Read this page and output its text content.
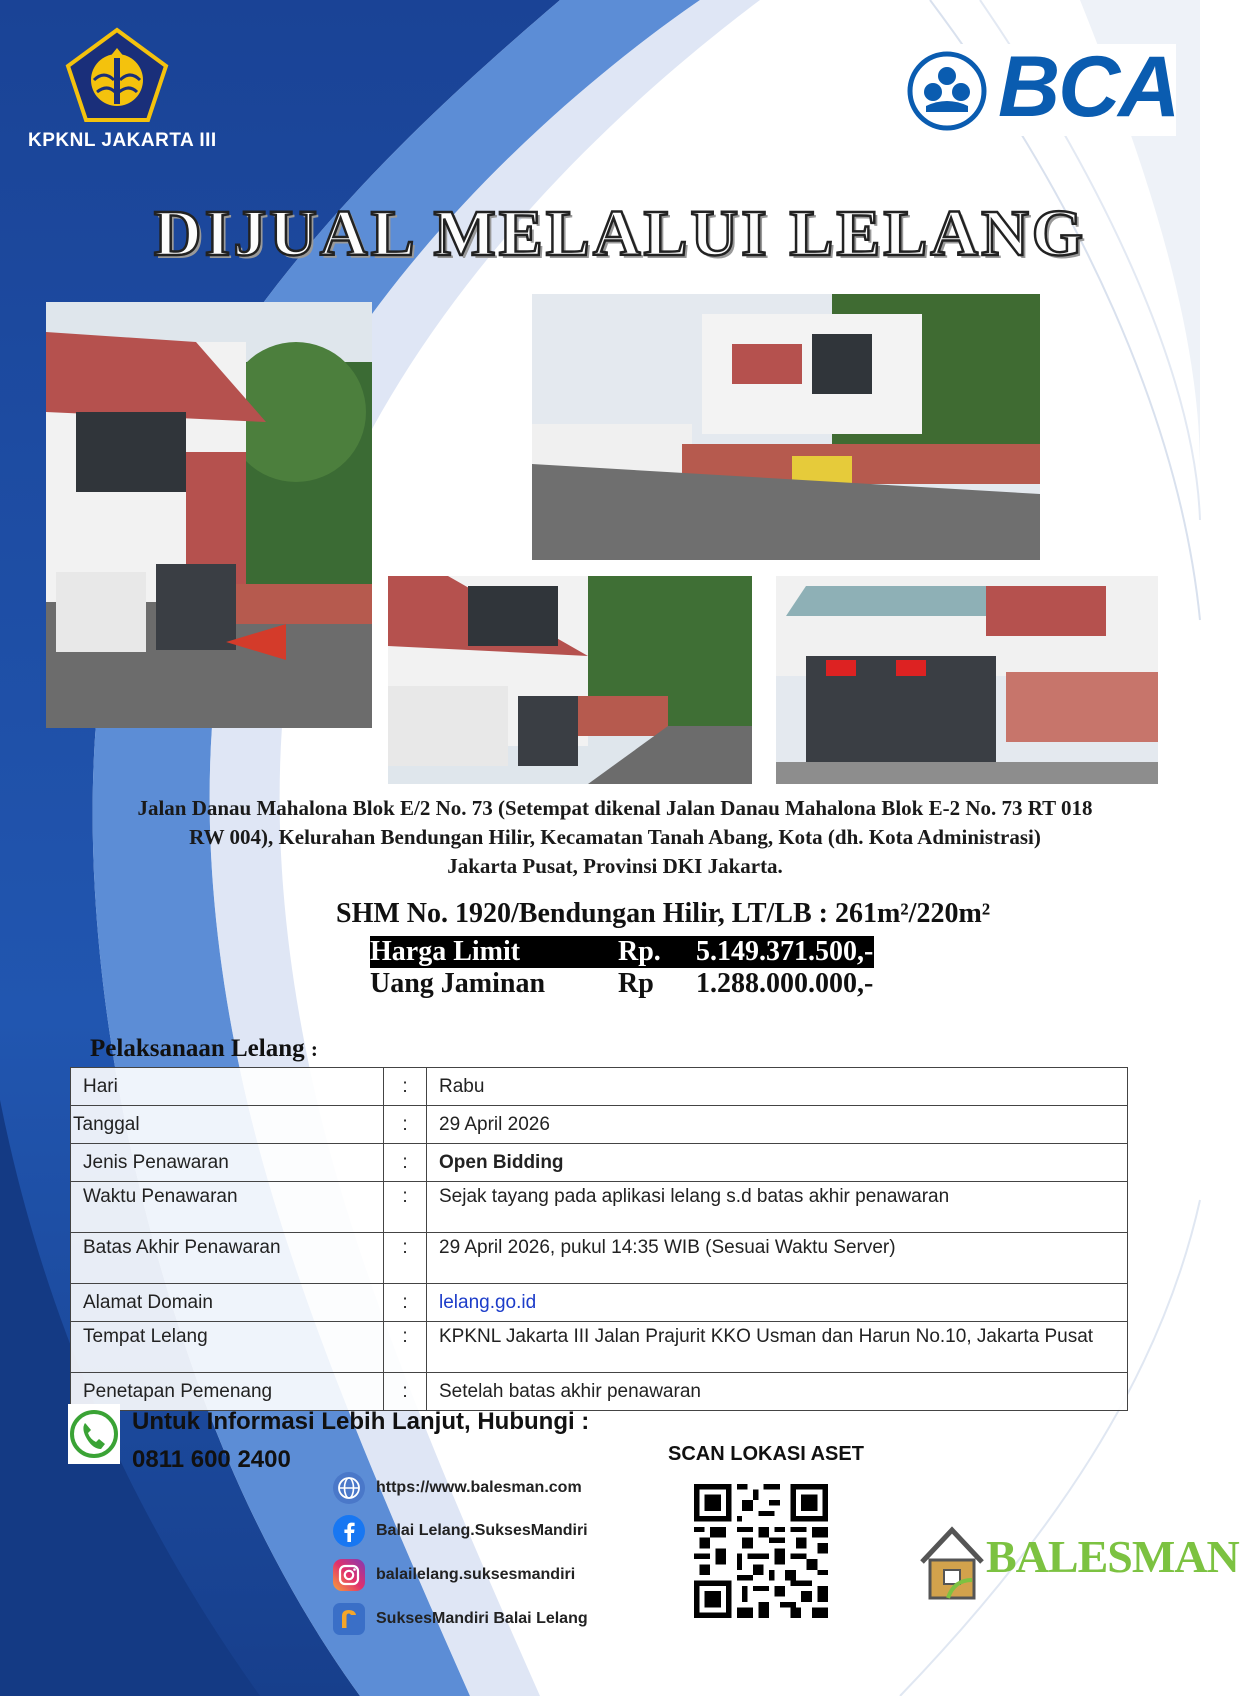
KPKNL JAKARTA III
BCA
DIJUAL MELALUI LELANG
Jalan Danau Mahalona Blok E/2 No. 73 (Setempat dikenal Jalan Danau Mahalona Blok E-2 No. 73 RT 018
RW 004), Kelurahan Bendungan Hilir, Kecamatan Tanah Abang, Kota (dh. Kota Administrasi)
Jakarta Pusat, Provinsi DKI Jakarta.
SHM No. 1920/Bendungan Hilir, LT/LB : 261m²/220m²
Harga Limit	Rp.	5.149.371.500,-
Uang Jaminan	Rp	1.288.000.000,-
Pelaksanaan Lelang :
Hari	:	Rabu
Tanggal	:	29 April 2026
Jenis Penawaran	:	Open Bidding
Waktu Penawaran	:	Sejak tayang pada aplikasi lelang s.d batas akhir penawaran
Batas Akhir Penawaran	:	29 April 2026, pukul 14:35 WIB (Sesuai Waktu Server)
Alamat Domain	:	lelang.go.id
Tempat Lelang	:	KPKNL Jakarta III Jalan Prajurit KKO Usman dan Harun No.10, Jakarta Pusat
Penetapan Pemenang	:	Setelah batas akhir penawaran
Untuk Informasi Lebih Lanjut, Hubungi :
0811 600 2400
https://www.balesman.com
Balai Lelang.SuksesMandiri
balailelang.suksesmandiri
SuksesMandiri Balai Lelang
SCAN LOKASI ASET
BALESMAN
